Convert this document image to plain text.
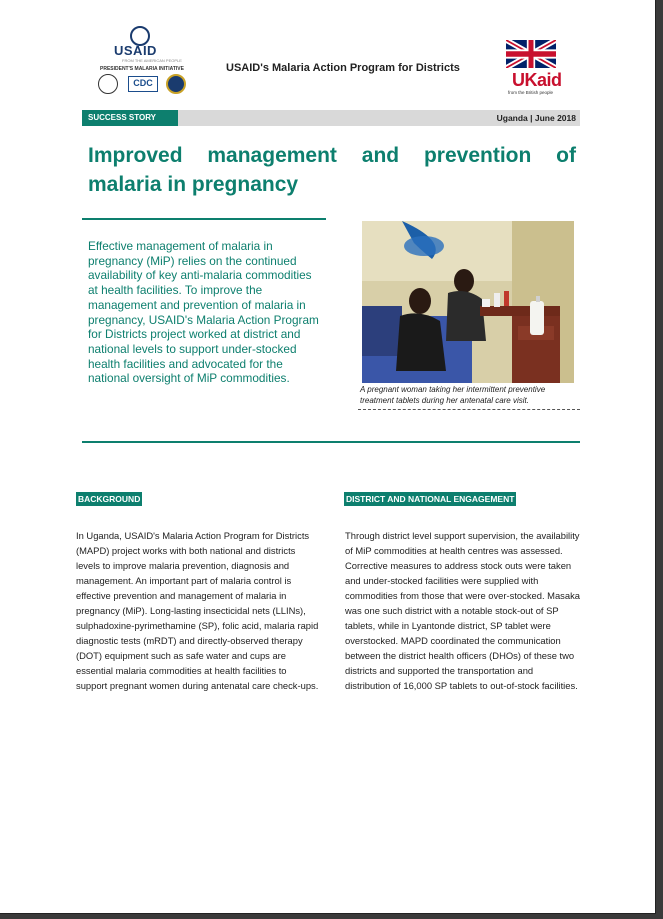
USAID
FROM THE AMERICAN PEOPLE
PRESIDENT'S MALARIA INITIATIVE
CDC
USAID's Malaria Action Program for Districts
UKaid
from the British people
SUCCESS STORY	Uganda | June 2018
Improved management and prevention of malaria in pregnancy
Effective management of malaria in pregnancy (MiP) relies on the continued availability of key anti-malaria commodities at health facilities. To improve the management and prevention of malaria in pregnancy, USAID's Malaria Action Program for Districts project worked at district and national levels to support under-stocked health facilities and advocated for the national oversight of MiP commodities.
A pregnant woman taking her intermittent preventive treatment tablets during her antenatal care visit.
BACKGROUND
In Uganda, USAID's Malaria Action Program for Districts (MAPD) project works with both national and districts levels to improve malaria prevention, diagnosis and management. An important part of malaria control is effective prevention and management of malaria in pregnancy (MiP). Long-lasting insecticidal nets (LLINs), sulphadoxine-pyrimethamine (SP), folic acid, malaria rapid diagnostic tests (mRDT) and directly-observed therapy (DOT) equipment such as safe water and cups are essential malaria commodities at health facilities to support pregnant women during antenatal care check-ups.
DISTRICT AND NATIONAL ENGAGEMENT
Through district level support supervision, the availability of MiP commodities at health centres was assessed. Corrective measures to address stock outs were taken and under-stocked facilities were supplied with commodities from those that were over-stocked. Masaka was one such district with a notable stock-out of SP tablets, while in Lyantonde district, SP tablet were overstocked. MAPD coordinated the communication between the district health officers (DHOs) of these two districts and supported the transportation and distribution of 16,000 SP tablets to out-of-stock facilities.
